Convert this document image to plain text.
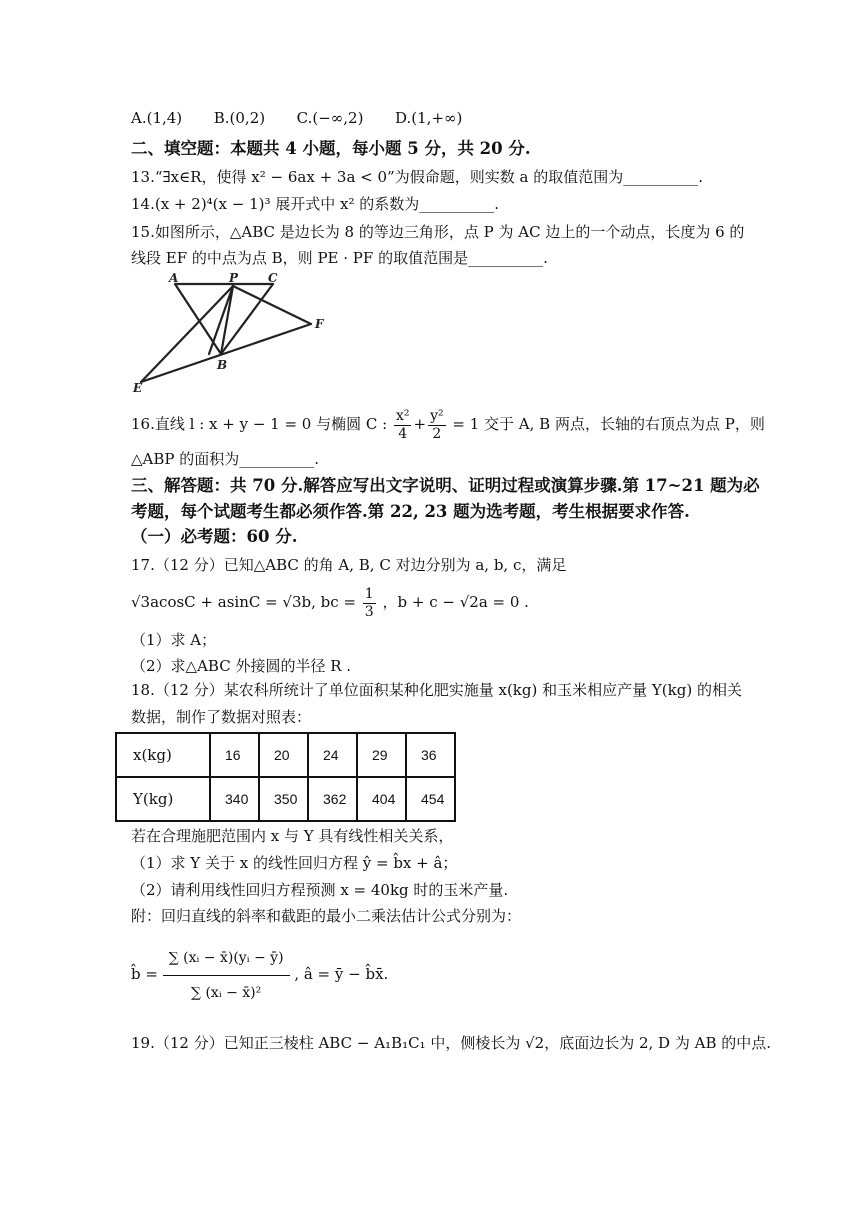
A.(1,4) B.(0,2) C.(−∞,2) D.(1,+∞)
二、填空题：本题共 4 小题，每小题 5 分，共 20 分.
13.“∃x∈R，使得 x² − 6ax + 3a < 0”为假命题，则实数 a 的取值范围为__________.
14.(x + 2)⁴(x − 1)³ 展开式中 x² 的系数为__________.
15.如图所示，△ABC 是边长为 8 的等边三角形，点 P 为 AC 边上的一个动点，长度为 6 的
线段 EF 的中点为点 B，则 PE · PF 的取值范围是__________.
A	P C
F
B
E
16.直线 l : x + y − 1 = 0 与椭圆 C : $\frac{\text{x²}}{4} + \frac{\text{y²}}{2} = 1$ 交于 A, B 两点，长轴的右顶点为点 P，则
△ABP 的面积为__________.
三、解答题：共 70 分.解答应写出文字说明、证明过程或演算步骤.第 17~21 题为必
考题，每个试题考生都必须作答.第 22, 23 题为选考题，考生根据要求作答.
（一）必考题：60 分.
17.（12 分）已知△ABC 的角 A, B, C 对边分别为 a, b, c，满足
√3acosC + asinC = √3b, bc = $\frac{1}{3}$ ，b + c − √2a = 0 .
（1）求 A；
（2）求△ABC 外接圆的半径 R .
18.（12 分）某农科所统计了单位面积某种化肥实施量 x(kg) 和玉米相应产量 Y(kg) 的相关
数据，制作了数据对照表：
x(kg)	16	20	24	29	36
Y(kg)	340	350	362	404	454
若在合理施肥范围内 x 与 Y 具有线性相关关系，
（1）求 Y 关于 x 的线性回归方程 ŷ = b̂x + â；
（2）请利用线性回归方程预测 x = 40kg 时的玉米产量.
附：回归直线的斜率和截距的最小二乘法估计公式分别为：
b̂ = $\frac{\text{∑ (xᵢ − x̄)(yᵢ − ȳ)}}{\text{∑ (xᵢ − x̄)²}}$ , â = ȳ − b̂x̄.
19.（12 分）已知正三棱柱 ABC − A₁B₁C₁ 中，侧棱长为 √2，底面边长为 2, D 为 AB 的中点.
